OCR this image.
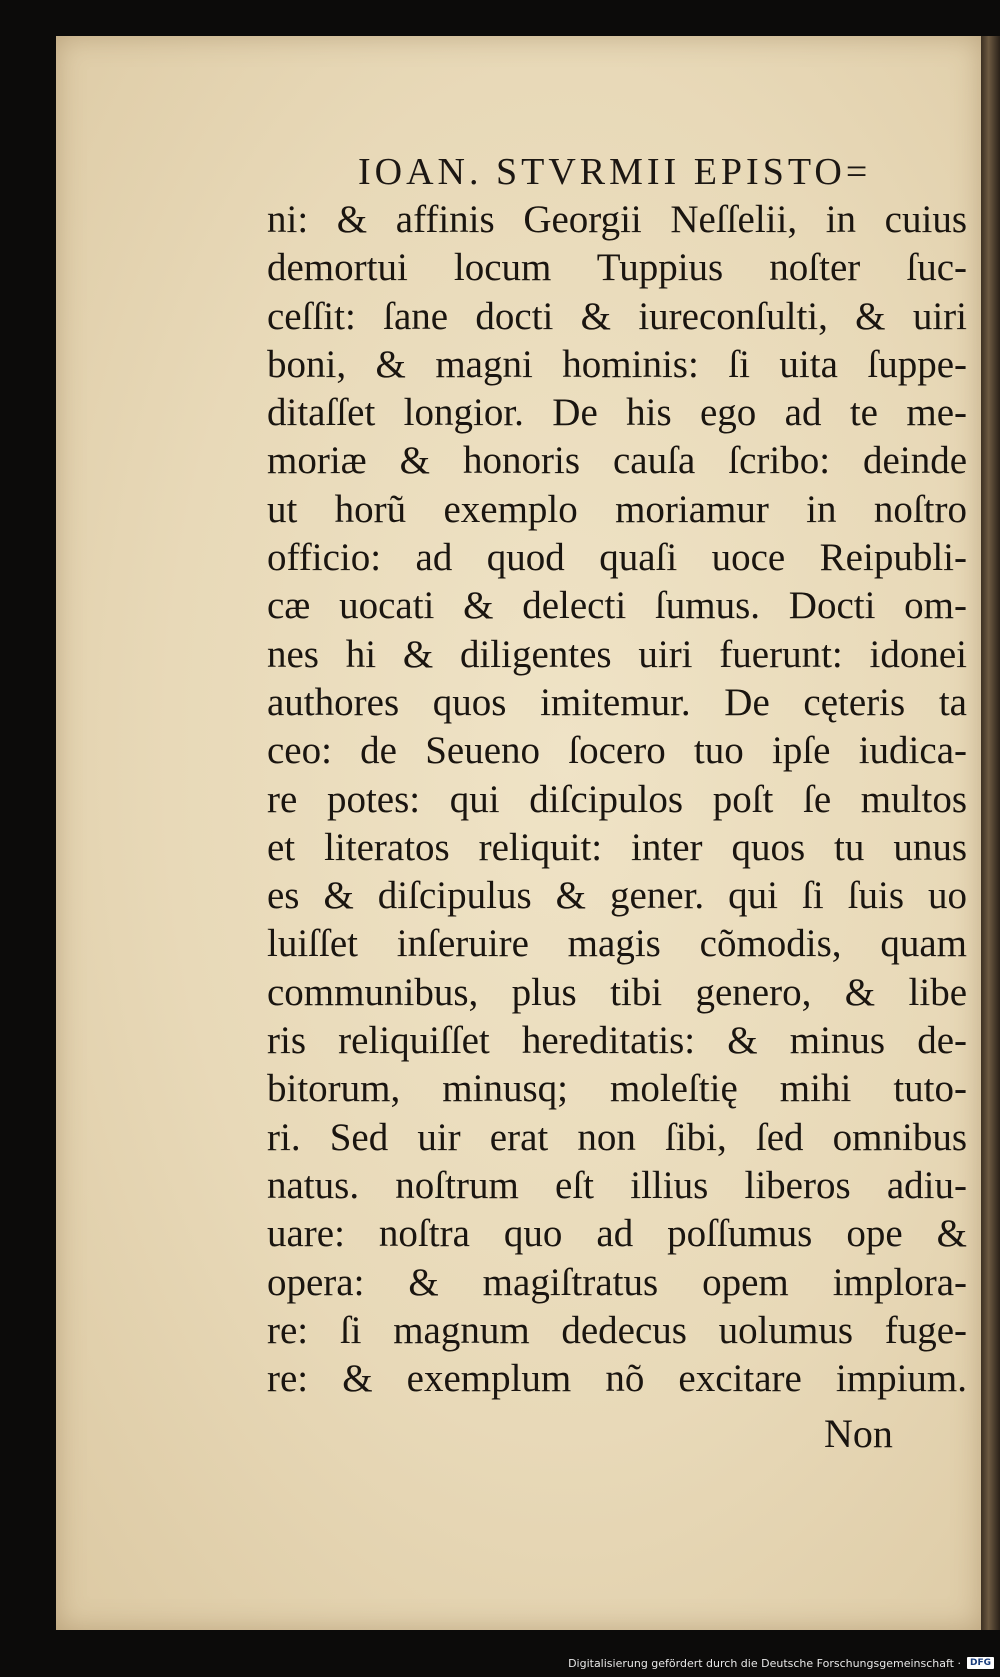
IOAN. STVRMII EPISTO=
ni: & affinis Georgii Neſſelii, in cuius
demortui locum Tuppius noſter ſuc‐
ceſſit: ſane docti & iureconſulti, & uiri
boni, & magni hominis: ſi uita ſuppe‐
ditaſſet longior. De his ego ad te me‐
moriæ & honoris cauſa ſcribo: deinde
ut horũ exemplo moriamur in noſtro
officio: ad quod quaſi uoce Reipubli‐
cæ uocati & delecti ſumus. Docti om‐
nes hi & diligentes uiri fuerunt: idonei
authores quos imitemur. De cęteris ta
ceo: de Seueno ſocero tuo ipſe iudica‐
re potes: qui diſcipulos poſt ſe multos
et literatos reliquit: inter quos tu unus
es & diſcipulus & gener. qui ſi ſuis uo
luiſſet inſeruire magis cõmodis, quam
communibus, plus tibi genero, & libe
ris reliquiſſet hereditatis: & minus de‐
bitorum, minusq; moleſtię mihi tuto‐
ri. Sed uir erat non ſibi, ſed omnibus
natus. noſtrum eſt illius liberos adiu‐
uare: noſtra quo ad poſſumus ope &
opera: & magiſtratus opem implora‐
re: ſi magnum dedecus uolumus fuge‐
re: & exemplum nõ excitare impium.
Non
Digitalisierung gefördert durch die Deutsche Forschungsgemeinschaft ·	DFG
